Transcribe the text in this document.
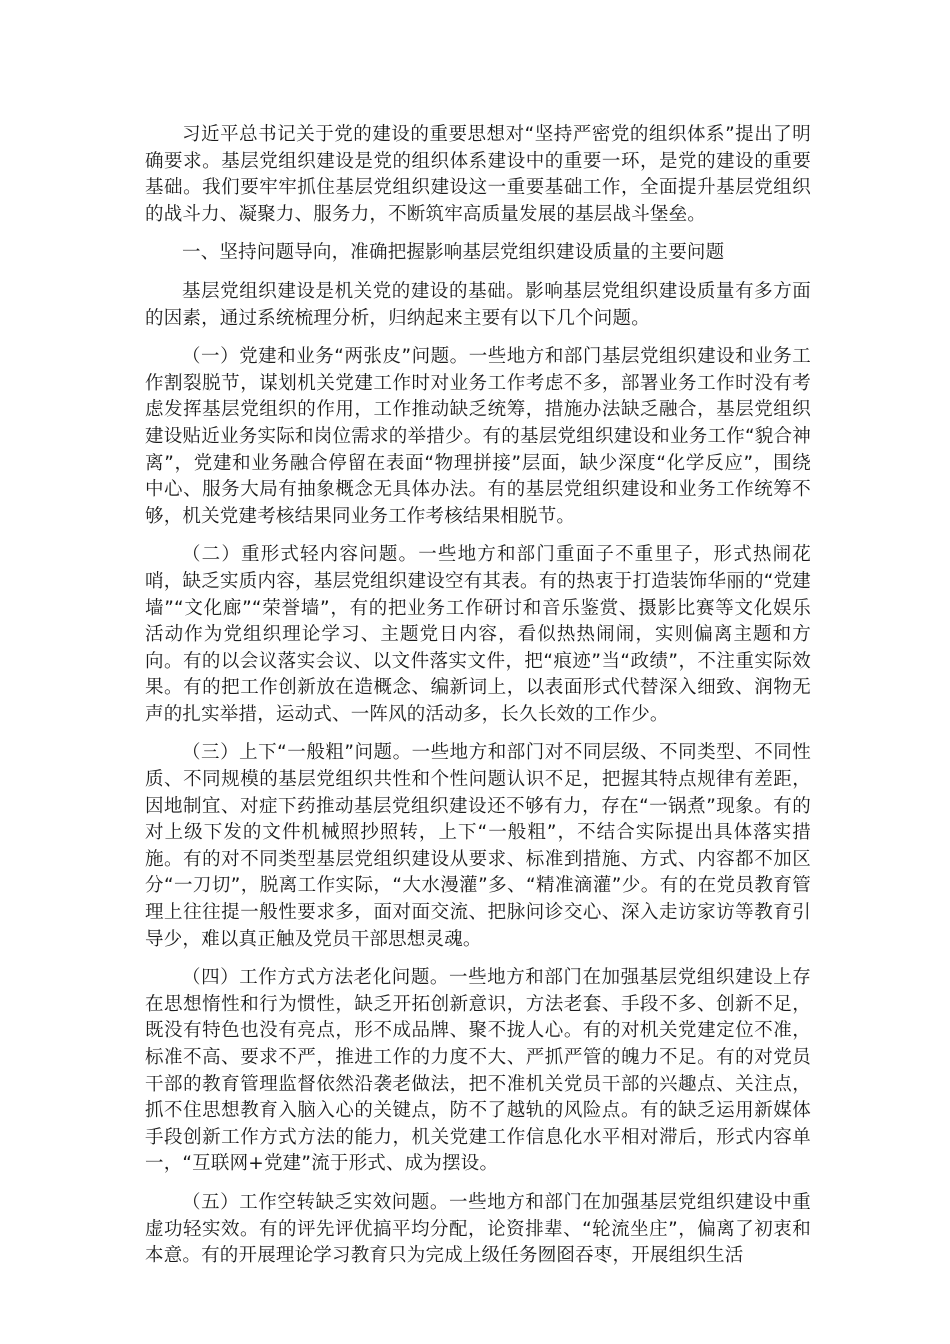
习近平总书记关于党的建设的重要思想对“坚持严密党的组织体系”提出了明确要求。基层党组织建设是党的组织体系建设中的重要一环，是党的建设的重要基础。我们要牢牢抓住基层党组织建设这一重要基础工作，全面提升基层党组织的战斗力、凝聚力、服务力，不断筑牢高质量发展的基层战斗堡垒。

一、坚持问题导向，准确把握影响基层党组织建设质量的主要问题

基层党组织建设是机关党的建设的基础。影响基层党组织建设质量有多方面的因素，通过系统梳理分析，归纳起来主要有以下几个问题。

（一）党建和业务“两张皮”问题。一些地方和部门基层党组织建设和业务工作割裂脱节，谋划机关党建工作时对业务工作考虑不多，部署业务工作时没有考虑发挥基层党组织的作用，工作推动缺乏统筹，措施办法缺乏融合，基层党组织建设贴近业务实际和岗位需求的举措少。有的基层党组织建设和业务工作“貌合神离”，党建和业务融合停留在表面“物理拼接”层面，缺少深度“化学反应”，围绕中心、服务大局有抽象概念无具体办法。有的基层党组织建设和业务工作统筹不够，机关党建考核结果同业务工作考核结果相脱节。

（二）重形式轻内容问题。一些地方和部门重面子不重里子，形式热闹花哨，缺乏实质内容，基层党组织建设空有其表。有的热衷于打造装饰华丽的“党建墙”“文化廊”“荣誉墙”，有的把业务工作研讨和音乐鉴赏、摄影比赛等文化娱乐活动作为党组织理论学习、主题党日内容，看似热热闹闹，实则偏离主题和方向。有的以会议落实会议、以文件落实文件，把“痕迹”当“政绩”，不注重实际效果。有的把工作创新放在造概念、编新词上，以表面形式代替深入细致、润物无声的扎实举措，运动式、一阵风的活动多，长久长效的工作少。

（三）上下“一般粗”问题。一些地方和部门对不同层级、不同类型、不同性质、不同规模的基层党组织共性和个性问题认识不足，把握其特点规律有差距，因地制宜、对症下药推动基层党组织建设还不够有力，存在“一锅煮”现象。有的对上级下发的文件机械照抄照转，上下“一般粗”，不结合实际提出具体落实措施。有的对不同类型基层党组织建设从要求、标准到措施、方式、内容都不加区分“一刀切”，脱离工作实际，“大水漫灌”多、“精准滴灌”少。有的在党员教育管理上往往提一般性要求多，面对面交流、把脉问诊交心、深入走访家访等教育引导少，难以真正触及党员干部思想灵魂。

（四）工作方式方法老化问题。一些地方和部门在加强基层党组织建设上存在思想惰性和行为惯性，缺乏开拓创新意识，方法老套、手段不多、创新不足，既没有特色也没有亮点，形不成品牌、聚不拢人心。有的对机关党建定位不准，标准不高、要求不严，推进工作的力度不大、严抓严管的魄力不足。有的对党员干部的教育管理监督依然沿袭老做法，把不准机关党员干部的兴趣点、关注点，抓不住思想教育入脑入心的关键点，防不了越轨的风险点。有的缺乏运用新媒体手段创新工作方式方法的能力，机关党建工作信息化水平相对滞后，形式内容单一，“互联网+党建”流于形式、成为摆设。

（五）工作空转缺乏实效问题。一些地方和部门在加强基层党组织建设中重虚功轻实效。有的评先评优搞平均分配，论资排辈、“轮流坐庄”，偏离了初衷和本意。有的开展理论学习教育只为完成上级任务囫囵吞枣，开展组织生活
